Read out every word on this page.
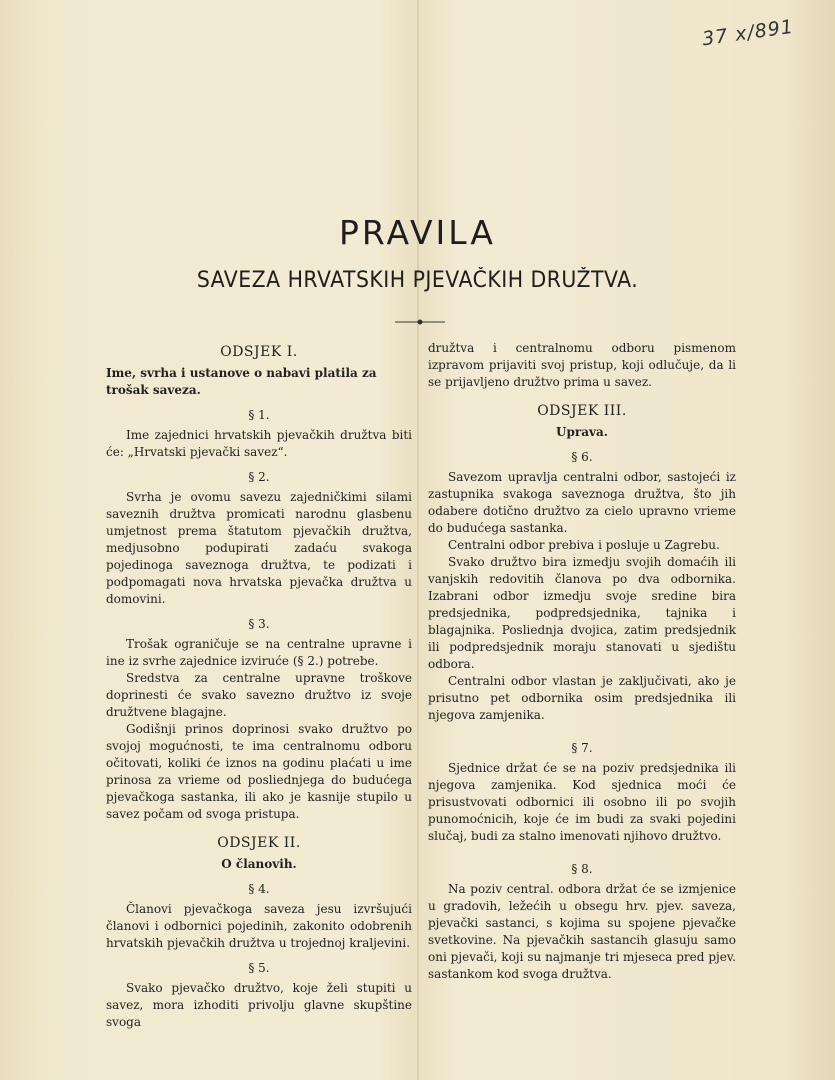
37 x/891
PRAVILA
SAVEZA HRVATSKIH PJEVAČKIH DRUŽTVA.
ODSJEK I.
Ime, svrha i ustanove o nabavi platila za trošak saveza.
§ 1.

Ime zajednici hrvatskih pjevačkih družtva biti će: „Hrvatski pjevački savez“.

§ 2.

Svrha je ovomu savezu zajedničkimi silami saveznih družtva promicati narodnu glasbenu umjetnost prema štatutom pjevačkih družtva, medjusobno podupirati zadaću svakoga pojedinoga saveznoga družtva, te podizati i podpomagati nova hrvatska pjevačka družtva u domovini.

§ 3.

Trošak ograničuje se na centralne upravne i ine iz svrhe zajednice izviruće (§ 2.) potrebe.

Sredstva za centralne upravne troškove doprinesti će svako savezno družtvo iz svoje družtvene blagajne.

Godišnji prinos doprinosi svako družtvo po svojoj mogućnosti, te ima centralnomu odboru očitovati, koliki će iznos na godinu plaćati u ime prinosa za vrieme od posliednjega do budućega pjevačkoga sastanka, ili ako je kasnije stupilo u savez počam od svoga pristupa.

ODSJEK II.
O članovih.
§ 4.

Članovi pjevačkoga saveza jesu izvršujući članovi i odbornici pojedinih, zakonito odobrenih hrvatskih pjevačkih družtva u trojednoj kraljevini.

§ 5.

Svako pjevačko družtvo, koje želi stupiti u savez, mora izhoditi privolju glavne skupštine svoga

družtva i centralnomu odboru pismenom izpravom prijaviti svoj pristup, koji odlučuje, da li se prijavljeno družtvo prima u savez.

ODSJEK III.
Uprava.
§ 6.

Savezom upravlja centralni odbor, sastojeći iz zastupnika svakoga saveznoga družtva, što jih odabere dotično družtvo za cielo upravno vrieme do budućega sastanka.

Centralni odbor prebiva i posluje u Zagrebu.

Svako družtvo bira izmedju svojih domaćih ili vanjskih redovitih članova po dva odbornika. Izabrani odbor izmedju svoje sredine bira predsjednika, podpredsjednika, tajnika i blagajnika. Posliednja dvojica, zatim predsjednik ili podpredsjednik moraju stanovati u sjedištu odbora.

Centralni odbor vlastan je zaključivati, ako je prisutno pet odbornika osim predsjednika ili njegova zamjenika.

§ 7.

Sjednice držat će se na poziv predsjednika ili njegova zamjenika. Kod sjednica moći će prisustvovati odbornici ili osobno ili po svojih punomoćnicih, koje će im budi za svaki pojedini slučaj, budi za stalno imenovati njihovo družtvo.

§ 8.

Na poziv central. odbora držat će se izmjenice u gradovih, ležećih u obsegu hrv. pjev. saveza, pjevački sastanci, s kojima su spojene pjevačke svetkovine. Na pjevačkih sastancih glasuju samo oni pjevači, koji su najmanje tri mjeseca pred pjev. sastankom kod svoga družtva.
